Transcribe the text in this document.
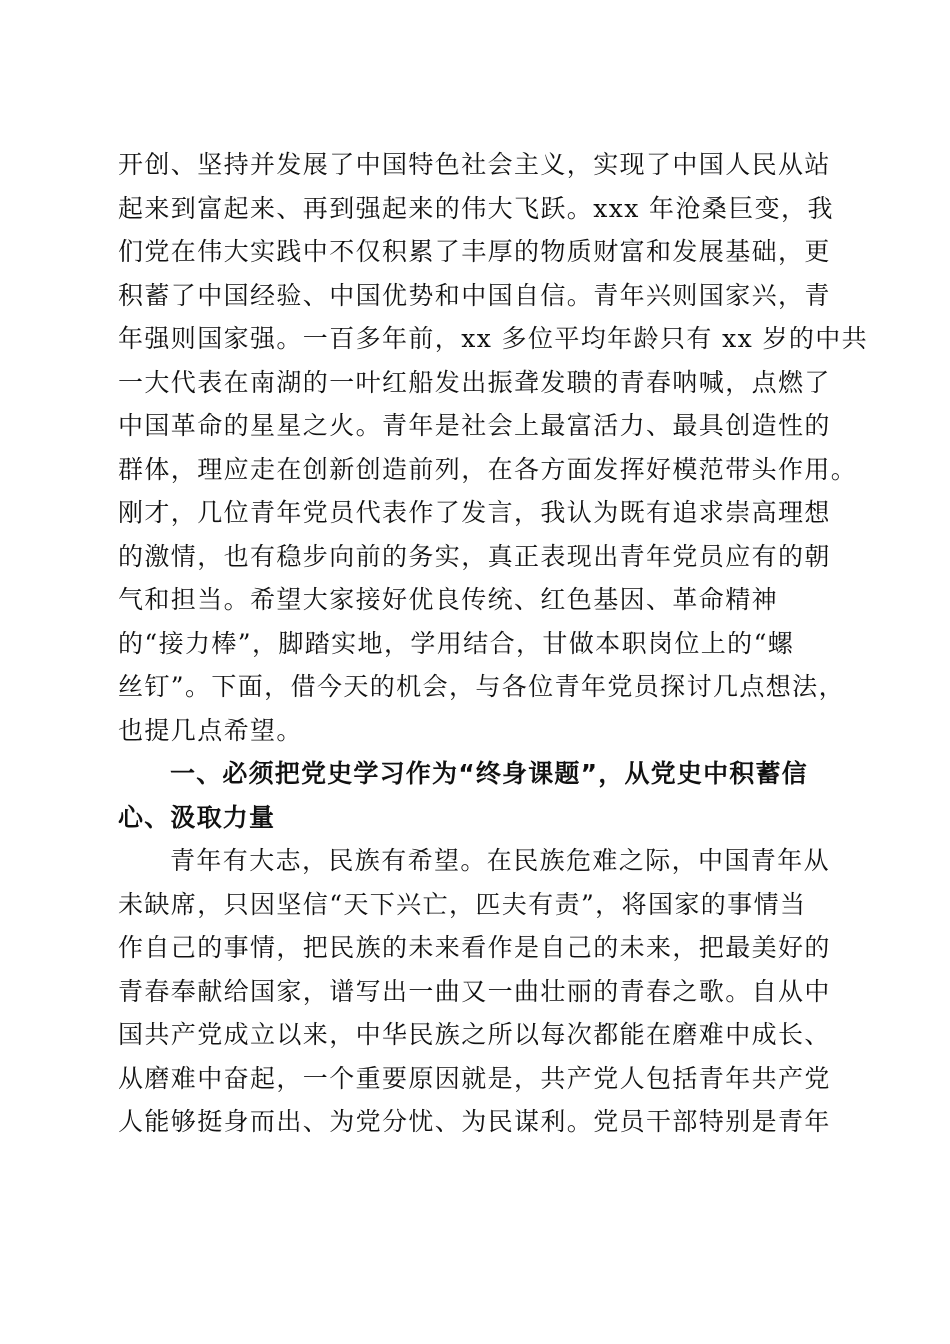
开创、坚持并发展了中国特色社会主义，实现了中国人民从站
起来到富起来、再到强起来的伟大飞跃。xxx 年沧桑巨变，我
们党在伟大实践中不仅积累了丰厚的物质财富和发展基础，更
积蓄了中国经验、中国优势和中国自信。青年兴则国家兴，青
年强则国家强。一百多年前，xx 多位平均年龄只有 xx 岁的中共
一大代表在南湖的一叶红船发出振聋发聩的青春呐喊，点燃了
中国革命的星星之火。青年是社会上最富活力、最具创造性的
群体，理应走在创新创造前列，在各方面发挥好模范带头作用。
刚才，几位青年党员代表作了发言，我认为既有追求崇高理想
的激情，也有稳步向前的务实，真正表现出青年党员应有的朝
气和担当。希望大家接好优良传统、红色基因、革命精神
的“接力棒”，脚踏实地，学用结合，甘做本职岗位上的“螺
丝钉”。下面，借今天的机会，与各位青年党员探讨几点想法，
也提几点希望。
一、必须把党史学习作为“终身课题”，从党史中积蓄信
心、汲取力量
青年有大志，民族有希望。在民族危难之际，中国青年从
未缺席，只因坚信“天下兴亡，匹夫有责”，将国家的事情当
作自己的事情，把民族的未来看作是自己的未来，把最美好的
青春奉献给国家，谱写出一曲又一曲壮丽的青春之歌。自从中
国共产党成立以来，中华民族之所以每次都能在磨难中成长、
从磨难中奋起，一个重要原因就是，共产党人包括青年共产党
人能够挺身而出、为党分忧、为民谋利。党员干部特别是青年
